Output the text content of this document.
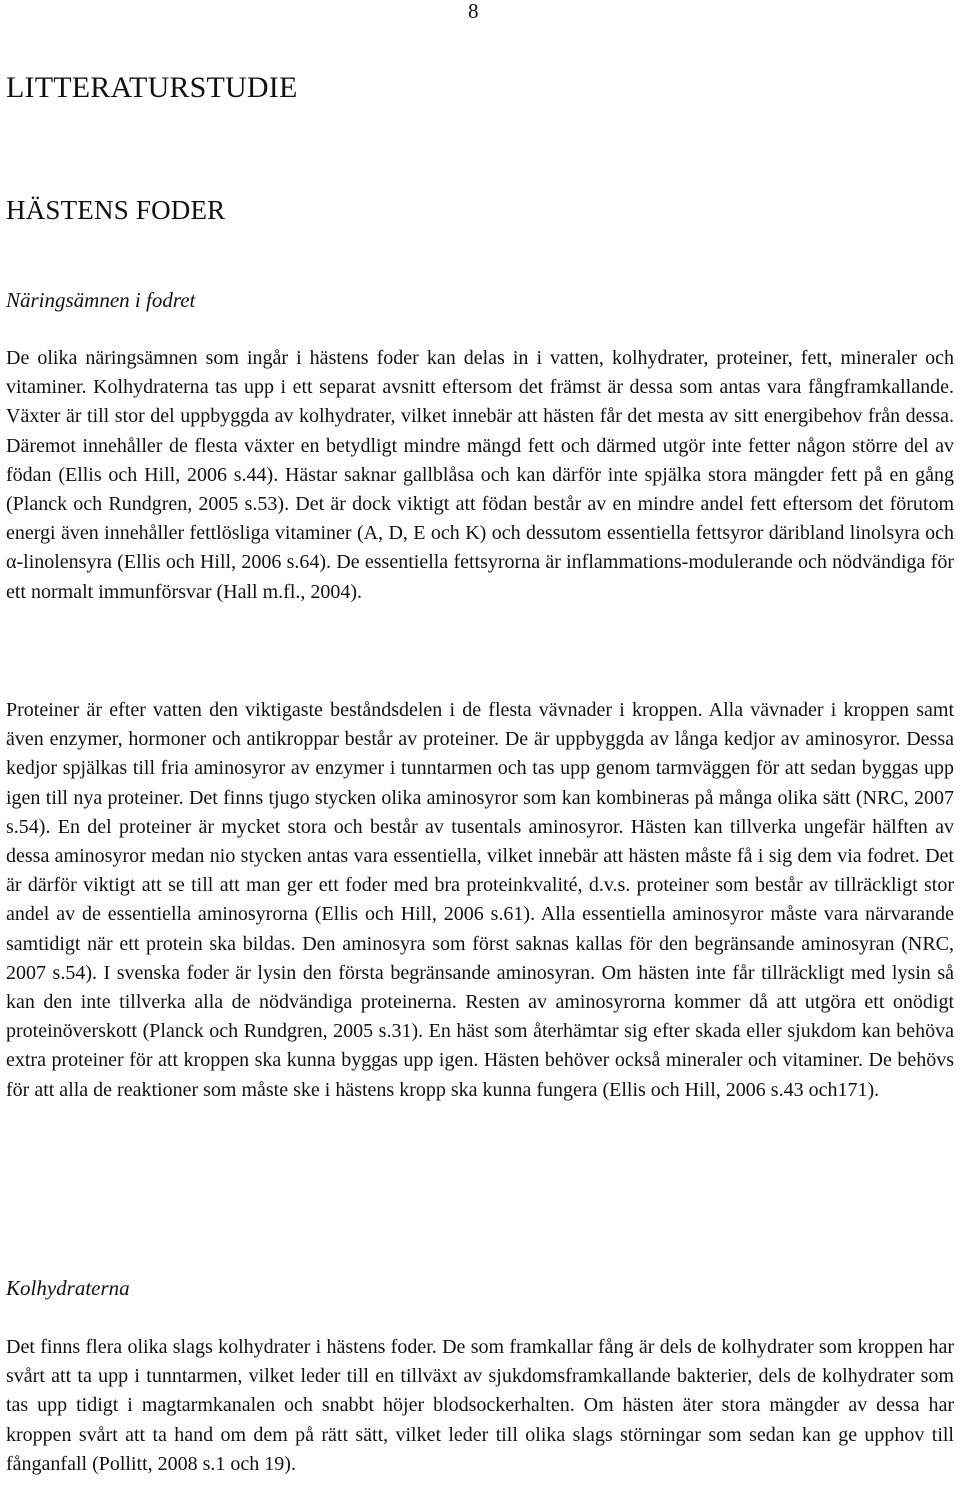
8
LITTERATURSTUDIE
HÄSTENS FODER
Näringsämnen i fodret

De olika näringsämnen som ingår i hästens foder kan delas in i vatten, kolhydrater, proteiner, fett, mineraler och vitaminer. Kolhydraterna tas upp i ett separat avsnitt eftersom det främst är dessa som antas vara fångframkallande. Växter är till stor del uppbyggda av kolhydrater, vilket innebär att hästen får det mesta av sitt energibehov från dessa. Däremot innehåller de flesta växter en betydligt mindre mängd fett och därmed utgör inte fetter någon större del av födan (Ellis och Hill, 2006 s.44). Hästar saknar gallblåsa och kan därför inte spjälka stora mängder fett på en gång (Planck och Rundgren, 2005 s.53). Det är dock viktigt att födan består av en mindre andel fett eftersom det förutom energi även innehåller fettlösliga vitaminer (A, D, E och K) och dessutom essentiella fettsyror däribland linolsyra och α-linolensyra (Ellis och Hill, 2006 s.64). De essentiella fettsyrorna är inflammations-modulerande och nödvändiga för ett normalt immunförsvar (Hall m.fl., 2004).

Proteiner är efter vatten den viktigaste beståndsdelen i de flesta vävnader i kroppen. Alla vävnader i kroppen samt även enzymer, hormoner och antikroppar består av proteiner. De är uppbyggda av långa kedjor av aminosyror. Dessa kedjor spjälkas till fria aminosyror av enzymer i tunntarmen och tas upp genom tarmväggen för att sedan byggas upp igen till nya proteiner. Det finns tjugo stycken olika aminosyror som kan kombineras på många olika sätt (NRC, 2007 s.54). En del proteiner är mycket stora och består av tusentals aminosyror. Hästen kan tillverka ungefär hälften av dessa aminosyror medan nio stycken antas vara essentiella, vilket innebär att hästen måste få i sig dem via fodret. Det är därför viktigt att se till att man ger ett foder med bra proteinkvalité, d.v.s. proteiner som består av tillräckligt stor andel av de essentiella aminosyrorna (Ellis och Hill, 2006 s.61). Alla essentiella aminosyror måste vara närvarande samtidigt när ett protein ska bildas. Den aminosyra som först saknas kallas för den begränsande aminosyran (NRC, 2007 s.54). I svenska foder är lysin den första begränsande aminosyran. Om hästen inte får tillräckligt med lysin så kan den inte tillverka alla de nödvändiga proteinerna. Resten av aminosyrorna kommer då att utgöra ett onödigt proteinöverskott (Planck och Rundgren, 2005 s.31). En häst som återhämtar sig efter skada eller sjukdom kan behöva extra proteiner för att kroppen ska kunna byggas upp igen. Hästen behöver också mineraler och vitaminer. De behövs för att alla de reaktioner som måste ske i hästens kropp ska kunna fungera (Ellis och Hill, 2006 s.43 och171).

Kolhydraterna

Det finns flera olika slags kolhydrater i hästens foder. De som framkallar fång är dels de kolhydrater som kroppen har svårt att ta upp i tunntarmen, vilket leder till en tillväxt av sjukdomsframkallande bakterier, dels de kolhydrater som tas upp tidigt i magtarmkanalen och snabbt höjer blodsockerhalten. Om hästen äter stora mängder av dessa har kroppen svårt att ta hand om dem på rätt sätt, vilket leder till olika slags störningar som sedan kan ge upphov till fånganfall (Pollitt, 2008 s.1 och 19).
